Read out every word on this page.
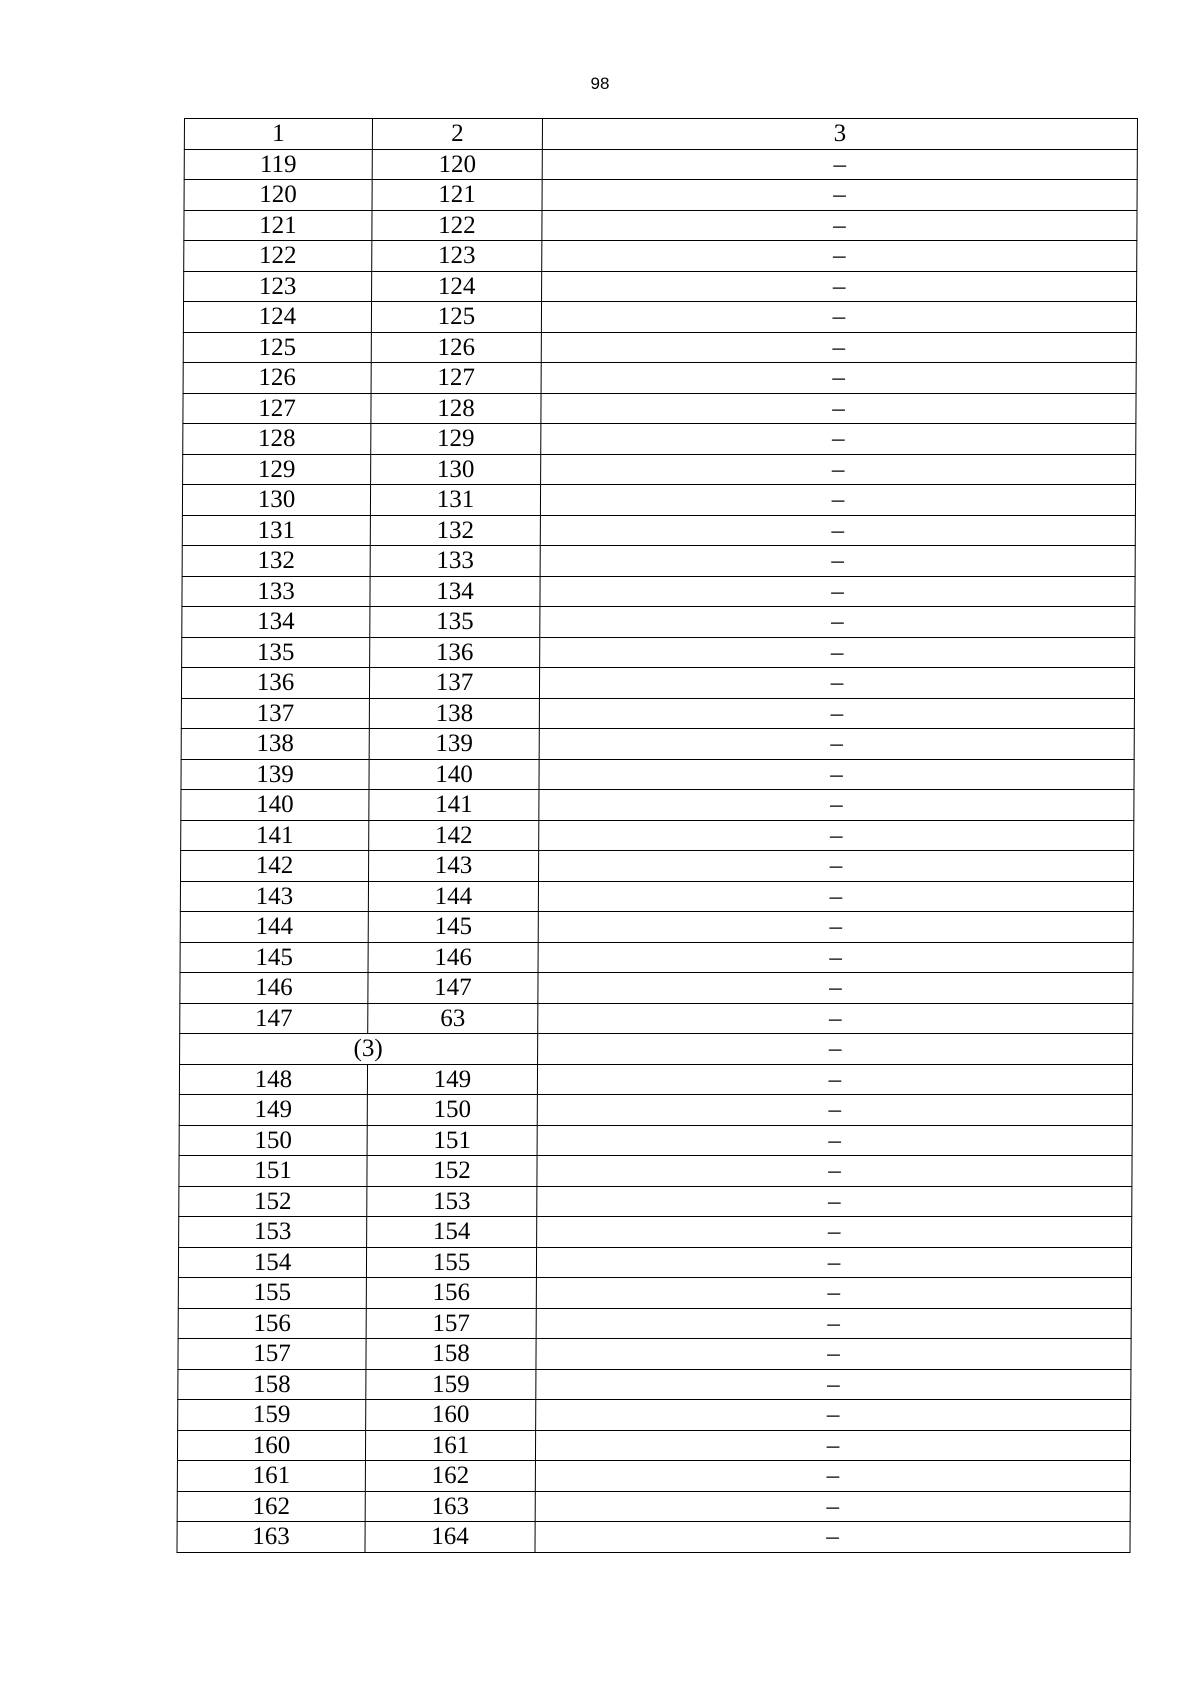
98
1	2	3
119	120	–
120	121	–
121	122	–
122	123	–
123	124	–
124	125	–
125	126	–
126	127	–
127	128	–
128	129	–
129	130	–
130	131	–
131	132	–
132	133	–
133	134	–
134	135	–
135	136	–
136	137	–
137	138	–
138	139	–
139	140	–
140	141	–
141	142	–
142	143	–
143	144	–
144	145	–
145	146	–
146	147	–
147	63	–

(3)		–
148	149	–
149	150	–
150	151	–
151	152	–
152	153	–
153	154	–
154	155	–
155	156	–
156	157	–
157	158	–
158	159	–
159	160	–
160	161	–
161	162	–
162	163	–
163	164	–
